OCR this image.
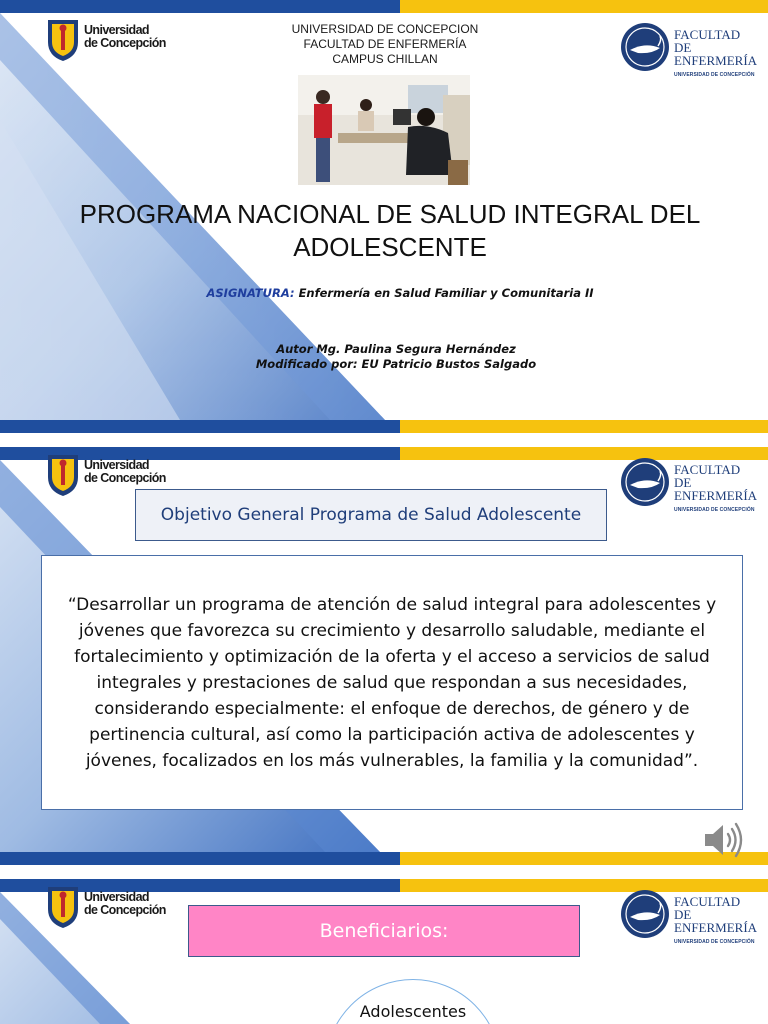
Universidad
de Concepción
FACULTAD DE
ENFERMERÍA
UNIVERSIDAD DE CONCEPCIÓN
UNIVERSIDAD DE CONCEPCION
FACULTAD DE ENFERMERÍA
CAMPUS CHILLAN
PROGRAMA NACIONAL DE SALUD INTEGRAL DEL
ADOLESCENTE
ASIGNATURA: Enfermería en Salud Familiar y Comunitaria II
Autor Mg. Paulina Segura Hernández
Modificado por: EU Patricio Bustos Salgado
Universidad
de Concepción
FACULTAD DE
ENFERMERÍA
UNIVERSIDAD DE CONCEPCIÓN
Objetivo General Programa de Salud Adolescente
“Desarrollar un programa de atención de salud integral para adolescentes y jóvenes que favorezca su crecimiento y desarrollo saludable, mediante el fortalecimiento y optimización de la oferta y el acceso a servicios de salud integrales y prestaciones de salud que respondan a sus necesidades, considerando especialmente: el enfoque de derechos, de género y de pertinencia cultural, así como la participación activa de adolescentes y jóvenes, focalizados en los más vulnerables, la familia y la comunidad”.
Universidad
de Concepción
FACULTAD DE
ENFERMERÍA
UNIVERSIDAD DE CONCEPCIÓN
Beneficiarios:
Adolescentes
